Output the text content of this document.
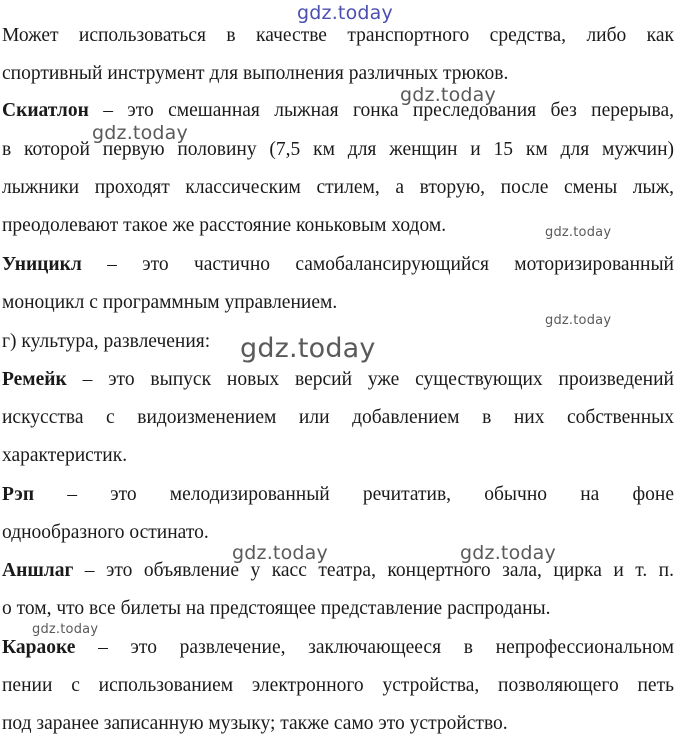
Может использоваться в качестве транспортного средства, либо как
спортивный инструмент для выполнения различных трюков.
Скиатлон – это смешанная лыжная гонка преследования без перерыва,
в которой первую половину (7,5 км для женщин и 15 км для мужчин)
лыжники проходят классическим стилем, а вторую, после смены лыж,
преодолевают такое же расстояние коньковым ходом.
Уницикл – это частично самобалансирующийся моторизированный
моноцикл с программным управлением.
г) культура, развлечения:
Ремейк – это выпуск новых версий уже существующих произведений
искусства с видоизменением или добавлением в них собственных
характеристик.
Рэп – это мелодизированный речитатив, обычно на фоне
однообразного остинато.
Аншлаг – это объявление у касс театра, концертного зала, цирка и т. п.
о том, что все билеты на предстоящее представление распроданы.
Караоке – это развлечение, заключающееся в непрофессиональном
пении с использованием электронного устройства, позволяющего петь
под заранее записанную музыку; также само это устройство.
gdz.today
gdz.today
gdz.today
gdz.today
gdz.today
gdz.today
gdz.today	gdz.today
gdz.today
